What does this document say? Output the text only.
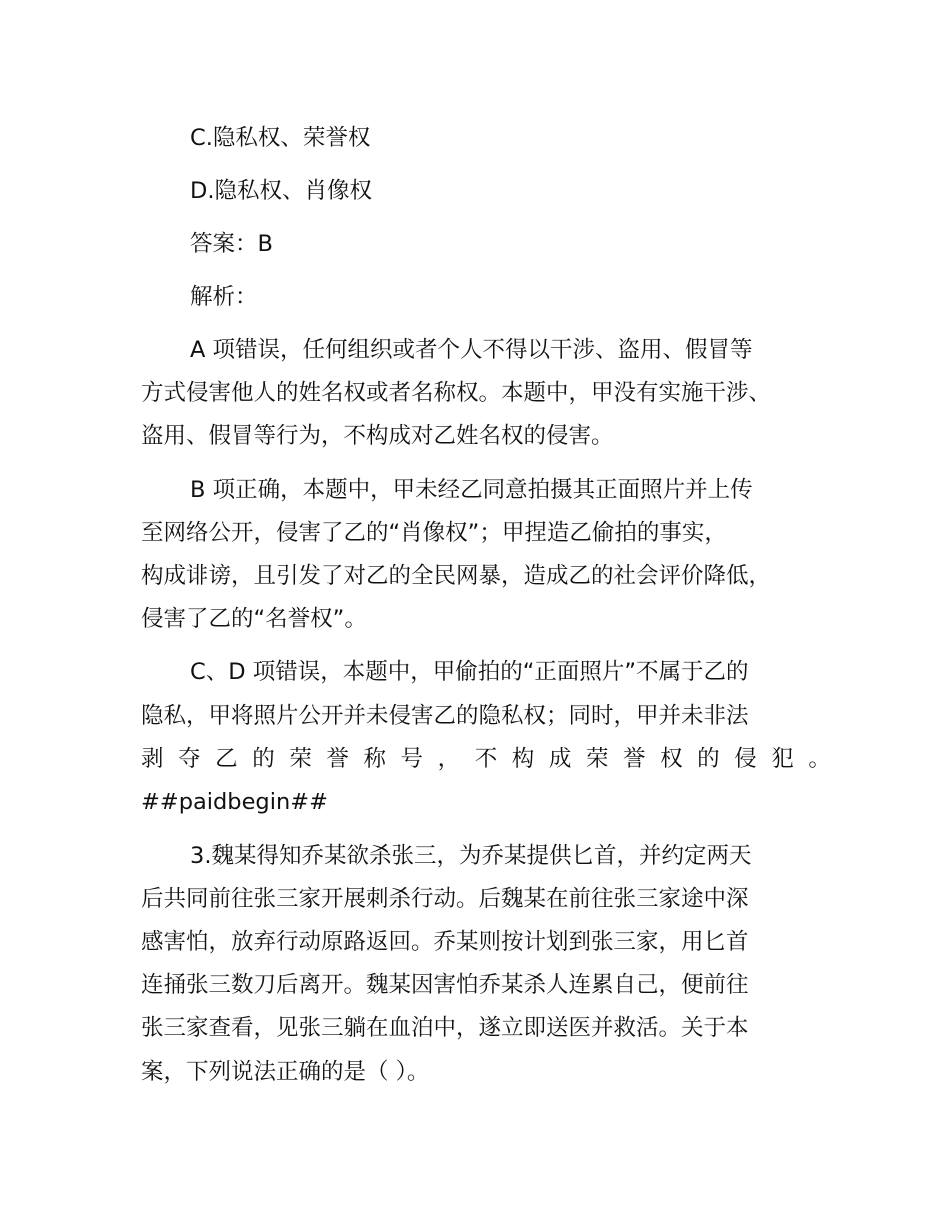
C.隐私权、荣誉权

D.隐私权、肖像权

答案：B

解析：

A 项错误，任何组织或者个人不得以干涉、盗用、假冒等

方式侵害他人的姓名权或者名称权。本题中，甲没有实施干涉、

盗用、假冒等行为，不构成对乙姓名权的侵害。

B 项正确，本题中，甲未经乙同意拍摄其正面照片并上传

至网络公开，侵害了乙的“肖像权”；甲捏造乙偷拍的事实，

构成诽谤，且引发了对乙的全民网暴，造成乙的社会评价降低，

侵害了乙的“名誉权”。

C、D 项错误，本题中，甲偷拍的“正面照片”不属于乙的

隐私，甲将照片公开并未侵害乙的隐私权；同时，甲并未非法

剥 夺 乙 的 荣 誉 称 号 ， 不 构 成 荣 誉 权 的 侵 犯 。

##paidbegin##

3.魏某得知乔某欲杀张三，为乔某提供匕首，并约定两天

后共同前往张三家开展刺杀行动。后魏某在前往张三家途中深

感害怕，放弃行动原路返回。乔某则按计划到张三家，用匕首

连捅张三数刀后离开。魏某因害怕乔某杀人连累自己，便前往

张三家查看，见张三躺在血泊中，遂立即送医并救活。关于本

案，下列说法正确的是（ ）。
